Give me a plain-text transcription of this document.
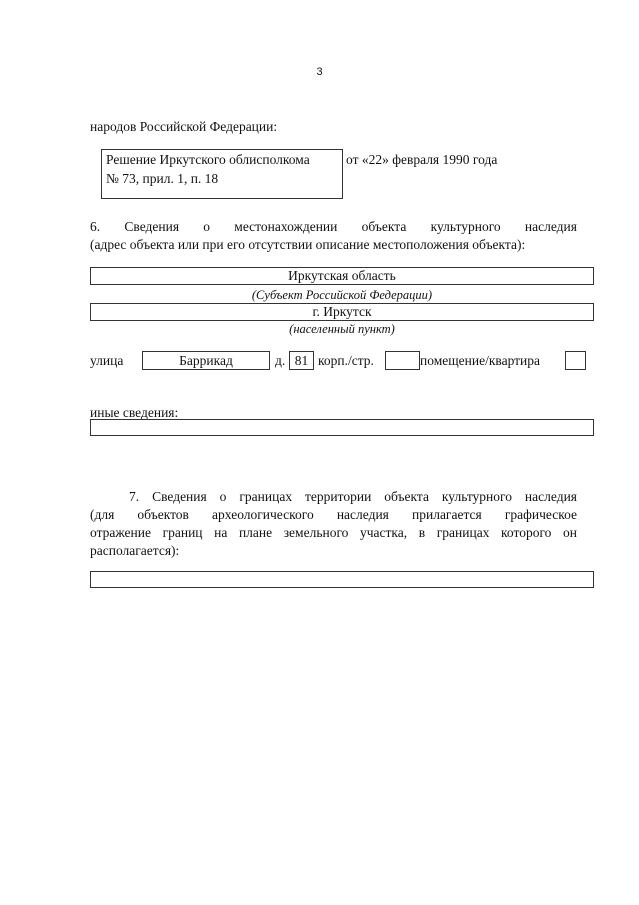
3
народов Российской Федерации:
Решение Иркутского облисполкома	от «22» февраля 1990 года
№ 73, прил. 1, п. 18
6. Сведения о местонахождении объекта культурного наследия
(адрес объекта или при его отсутствии описание местоположения объекта):
Иркутская область
(Субъект Российской Федерации)
г. Иркутск
(населенный пункт)
улица	Баррикад	д. 81 корп./стр.	помещение/квартира
иные сведения:
7. Сведения о границах территории объекта культурного наследия
(для объектов археологического наследия прилагается графическое
отражение границ на плане земельного участка, в границах которого он
располагается):
